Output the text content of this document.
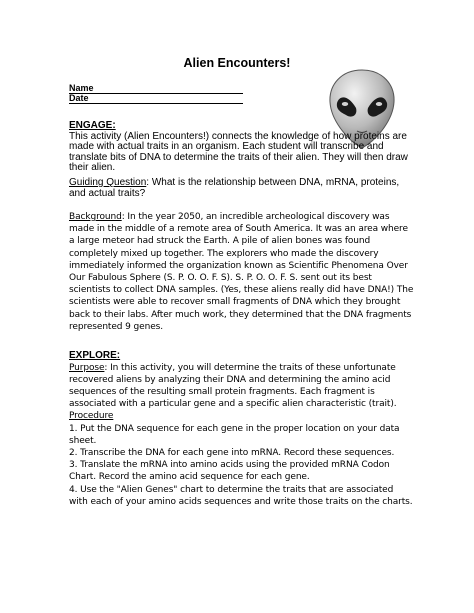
Alien Encounters!
Name
Date

ENGAGE:

This activity (Alien Encounters!) connects the knowledge of how proteins are made with actual traits in an organism. Each student will transcribe and translate bits of DNA to determine the traits of their alien. They will then draw their alien.

Guiding Question: What is the relationship between DNA, mRNA, proteins, and actual traits?
Background: In the year 2050, an incredible archeological discovery was made in the middle of a remote area of South America. It was an area where a large meteor had struck the Earth. A pile of alien bones was found completely mixed up together. The explorers who made the discovery immediately informed the organization known as Scientific Phenomena Over Our Fabulous Sphere (S. P. O. O. F. S). S. P. O. O. F. S. sent out its best scientists to collect DNA samples. (Yes, these aliens really did have DNA!) The scientists were able to recover small fragments of DNA which they brought back to their labs. After much work, they determined that the DNA fragments represented 9 genes.

EXPLORE:

Purpose: In this activity, you will determine the traits of these unfortunate recovered aliens by analyzing their DNA and determining the amino acid sequences of the resulting small protein fragments. Each fragment is associated with a particular gene and a specific alien characteristic (trait).

Procedure

1. Put the DNA sequence for each gene in the proper location on your data sheet.

2. Transcribe the DNA for each gene into mRNA. Record these sequences.

3. Translate the mRNA into amino acids using the provided mRNA Codon Chart. Record the amino acid sequence for each gene.

4. Use the "Alien Genes" chart to determine the traits that are associated with each of your amino acids sequences and write those traits on the charts.
